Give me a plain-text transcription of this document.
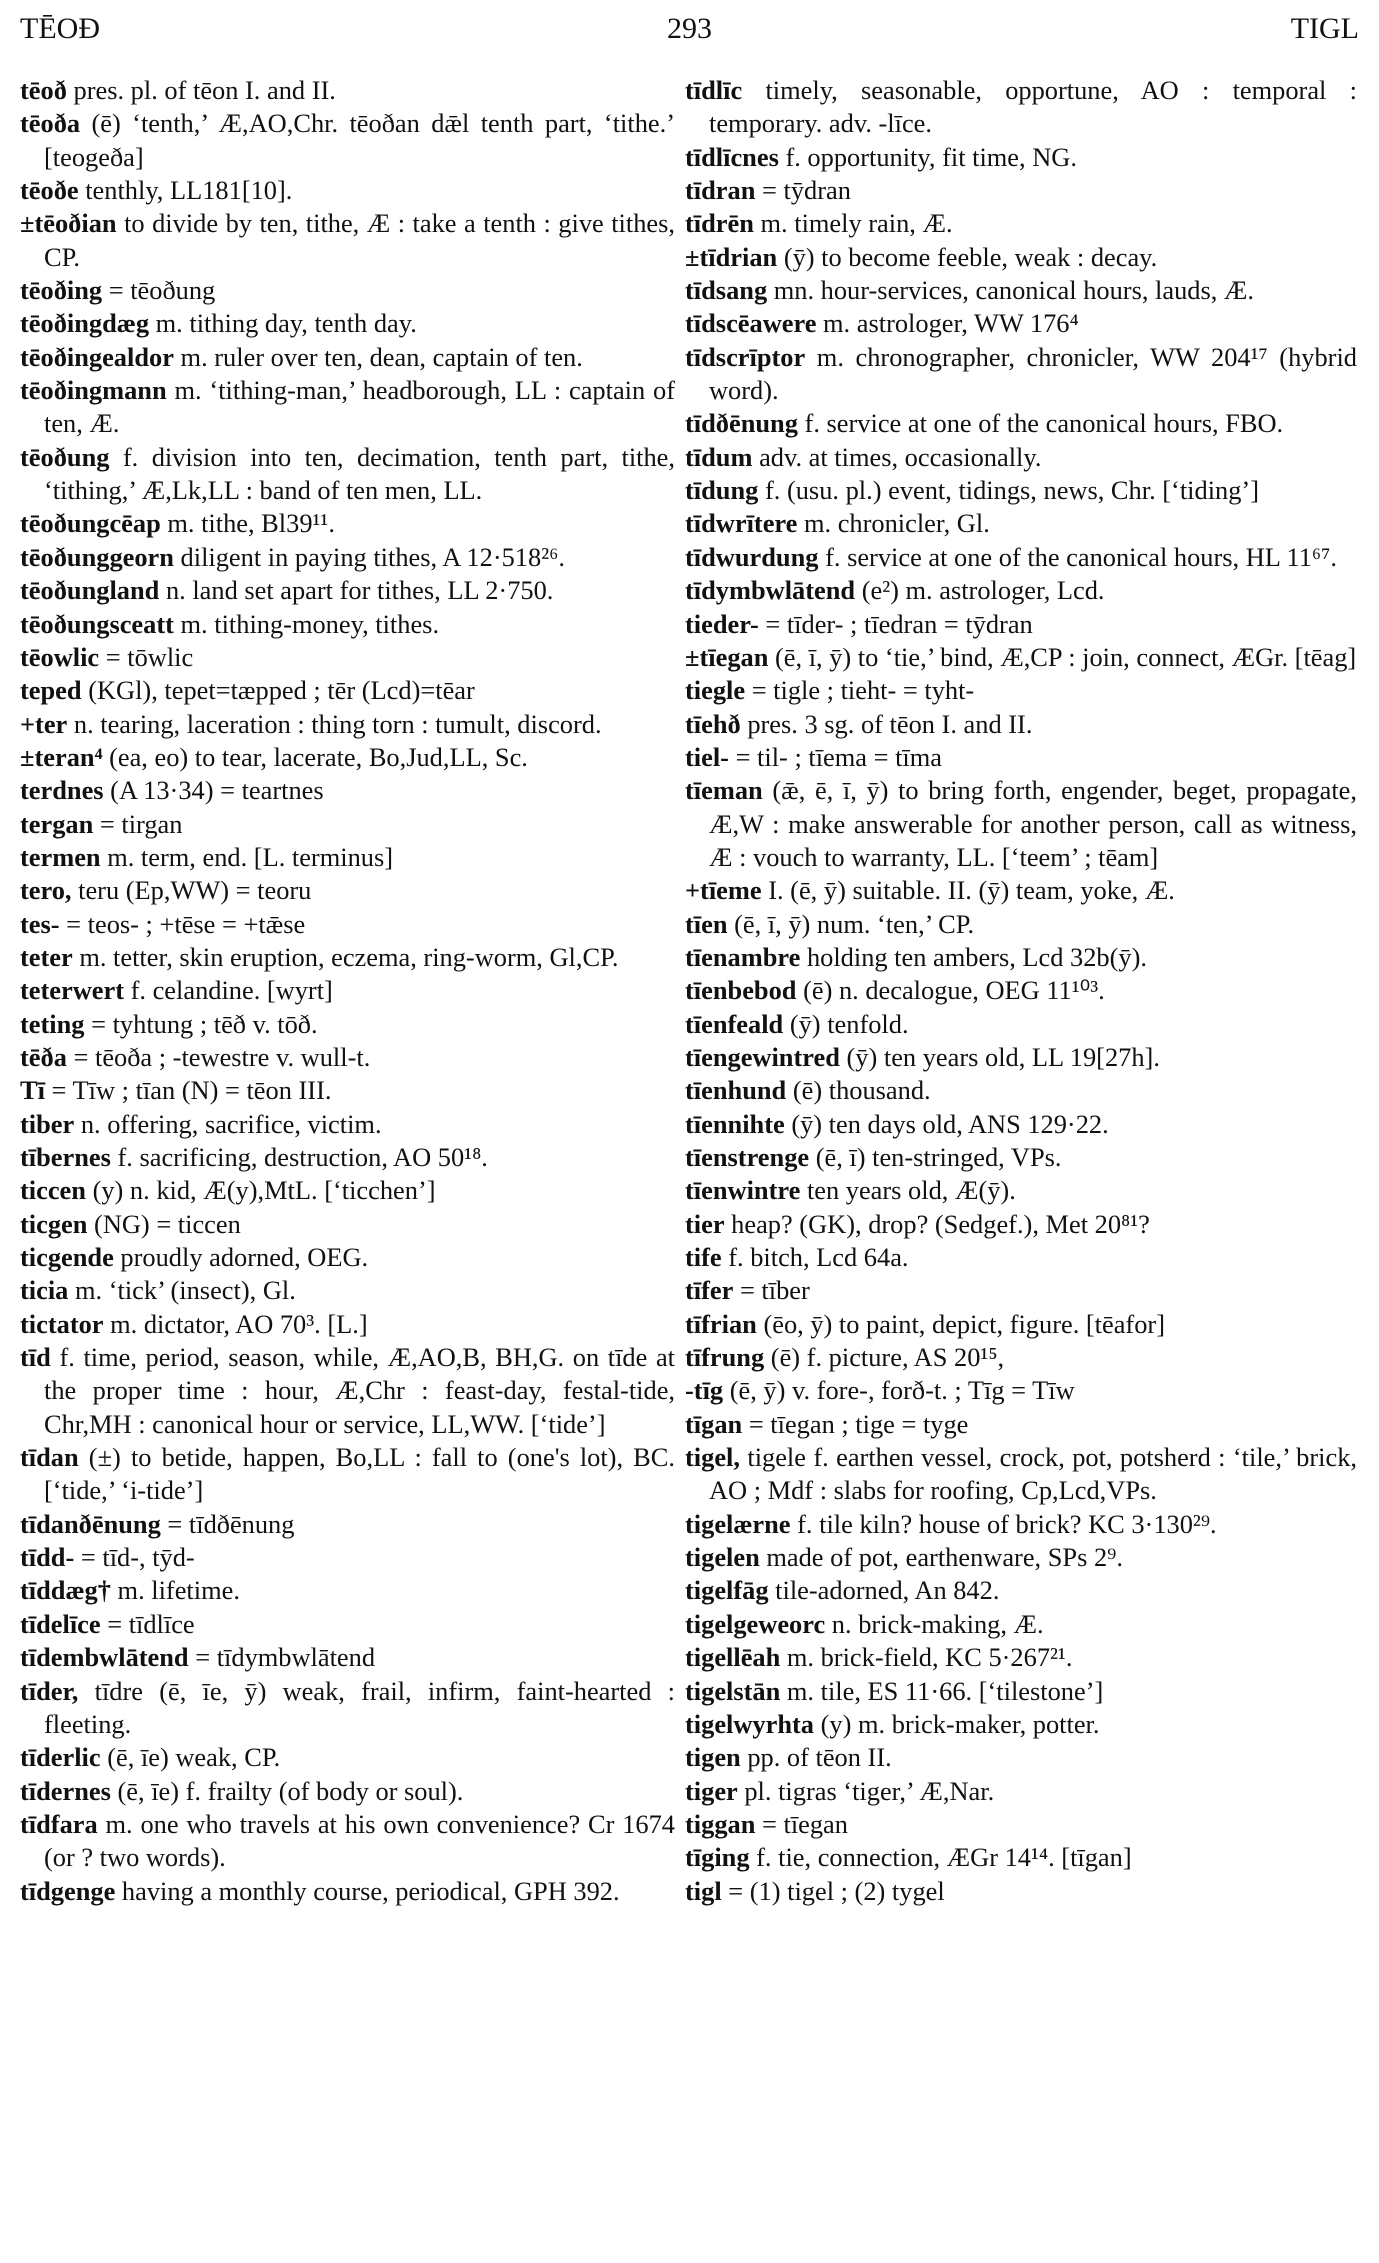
TĒOÐ	293	TIGL

tēoð pres. pl. of tēon I. and II.

tēoða (ē) ‘tenth,’ Æ,AO,Chr. tēoðan dǣl tenth part, ‘tithe.’ [teogeða]

tēoðe tenthly, LL181[10].

±tēoðian to divide by ten, tithe, Æ : take a tenth : give tithes, CP.

tēoðing = tēoðung

tēoðingdæg m. tithing day, tenth day.

tēoðingealdor m. ruler over ten, dean, captain of ten.

tēoðingmann m. ‘tithing-man,’ headborough, LL : captain of ten, Æ.

tēoðung f. division into ten, decimation, tenth part, tithe, ‘tithing,’ Æ,Lk,LL : band of ten men, LL.

tēoðungcēap m. tithe, Bl39¹¹.

tēoðunggeorn diligent in paying tithes, A 12·518²⁶.

tēoðungland n. land set apart for tithes, LL 2·750.

tēoðungsceatt m. tithing-money, tithes.

tēowlic = tōwlic

teped (KGl), tepet=tæpped ; tēr (Lcd)=tēar

+ter n. tearing, laceration : thing torn : tumult, discord.

±teran⁴ (ea, eo) to tear, lacerate, Bo,Jud,LL, Sc.

terdnes (A 13·34) = teartnes

tergan = tirgan

termen m. term, end. [L. terminus]

tero, teru (Ep,WW) = teoru

tes- = teos- ; +tēse = +tǣse

teter m. tetter, skin eruption, eczema, ring-worm, Gl,CP.

teterwert f. celandine. [wyrt]

teting = tyhtung ; tēð v. tōð.

tēða = tēoða ; -tewestre v. wull-t.

Tī = Tīw ; tīan (N) = tēon III.

tiber n. offering, sacrifice, victim.

tībernes f. sacrificing, destruction, AO 50¹⁸.

ticcen (y) n. kid, Æ(y),MtL. [‘ticchen’]

ticgen (NG) = ticcen

ticgende proudly adorned, OEG.

ticia m. ‘tick’ (insect), Gl.

tictator m. dictator, AO 70³. [L.]

tīd f. time, period, season, while, Æ,AO,B, BH,G. on tīde at the proper time : hour, Æ,Chr : feast-day, festal-tide, Chr,MH : canonical hour or service, LL,WW. [‘tide’]

tīdan (±) to betide, happen, Bo,LL : fall to (one's lot), BC. [‘tide,’ ‘i-tide’]

tīdanðēnung = tīdðēnung

tīdd- = tīd-, tȳd-

tīddæg† m. lifetime.

tīdelīce = tīdlīce

tīdembwlātend = tīdymbwlātend

tīder, tīdre (ē, īe, ȳ) weak, frail, infirm, faint-hearted : fleeting.

tīderlic (ē, īe) weak, CP.

tīdernes (ē, īe) f. frailty (of body or soul).

tīdfara m. one who travels at his own convenience? Cr 1674 (or ? two words).

tīdgenge having a monthly course, periodical, GPH 392.

tīdlīc timely, seasonable, opportune, AO : temporal : temporary. adv. -līce.

tīdlīcnes f. opportunity, fit time, NG.

tīdran = tȳdran

tīdrēn m. timely rain, Æ.

±tīdrian (ȳ) to become feeble, weak : decay.

tīdsang mn. hour-services, canonical hours, lauds, Æ.

tīdscēawere m. astrologer, WW 176⁴

tīdscrīptor m. chronographer, chronicler, WW 204¹⁷ (hybrid word).

tīdðēnung f. service at one of the canonical hours, FBO.

tīdum adv. at times, occasionally.

tīdung f. (usu. pl.) event, tidings, news, Chr. [‘tiding’]

tīdwrītere m. chronicler, Gl.

tīdwurdung f. service at one of the canonical hours, HL 11⁶⁷.

tīdymbwlātend (e²) m. astrologer, Lcd.

tieder- = tīder- ; tīedran = tȳdran

±tīegan (ē, ī, ȳ) to ‘tie,’ bind, Æ,CP : join, connect, ÆGr. [tēag]

tiegle = tigle ; tieht- = tyht-

tīehð pres. 3 sg. of tēon I. and II.

tiel- = til- ; tīema = tīma

tīeman (ǣ, ē, ī, ȳ) to bring forth, engender, beget, propagate, Æ,W : make answerable for another person, call as witness, Æ : vouch to warranty, LL. [‘teem’ ; tēam]

+tīeme I. (ē, ȳ) suitable. II. (ȳ) team, yoke, Æ.

tīen (ē, ī, ȳ) num. ‘ten,’ CP.

tīenambre holding ten ambers, Lcd 32b(ȳ).

tīenbebod (ē) n. decalogue, OEG 11¹⁰³.

tīenfeald (ȳ) tenfold.

tīengewintred (ȳ) ten years old, LL 19[27h].

tīenhund (ē) thousand.

tīennihte (ȳ) ten days old, ANS 129·22.

tīenstrenge (ē, ī) ten-stringed, VPs.

tīenwintre ten years old, Æ(ȳ).

tier heap? (GK), drop? (Sedgef.), Met 20⁸¹?

tife f. bitch, Lcd 64a.

tīfer = tīber

tīfrian (ēo, ȳ) to paint, depict, figure. [tēafor]

tīfrung (ē) f. picture, AS 20¹⁵,

-tīg (ē, ȳ) v. fore-, forð-t. ; Tīg = Tīw

tīgan = tīegan ; tige = tyge

tigel, tigele f. earthen vessel, crock, pot, potsherd : ‘tile,’ brick, AO ; Mdf : slabs for roofing, Cp,Lcd,VPs.

tigelærne f. tile kiln? house of brick? KC 3·130²⁹.

tigelen made of pot, earthenware, SPs 2⁹.

tigelfāg tile-adorned, An 842.

tigelgeweorc n. brick-making, Æ.

tigellēah m. brick-field, KC 5·267²¹.

tigelstān m. tile, ES 11·66. [‘tilestone’]

tigelwyrhta (y) m. brick-maker, potter.

tigen pp. of tēon II.

tiger pl. tigras ‘tiger,’ Æ,Nar.

tiggan = tīegan

tīging f. tie, connection, ÆGr 14¹⁴. [tīgan]

tigl = (1) tigel ; (2) tygel
